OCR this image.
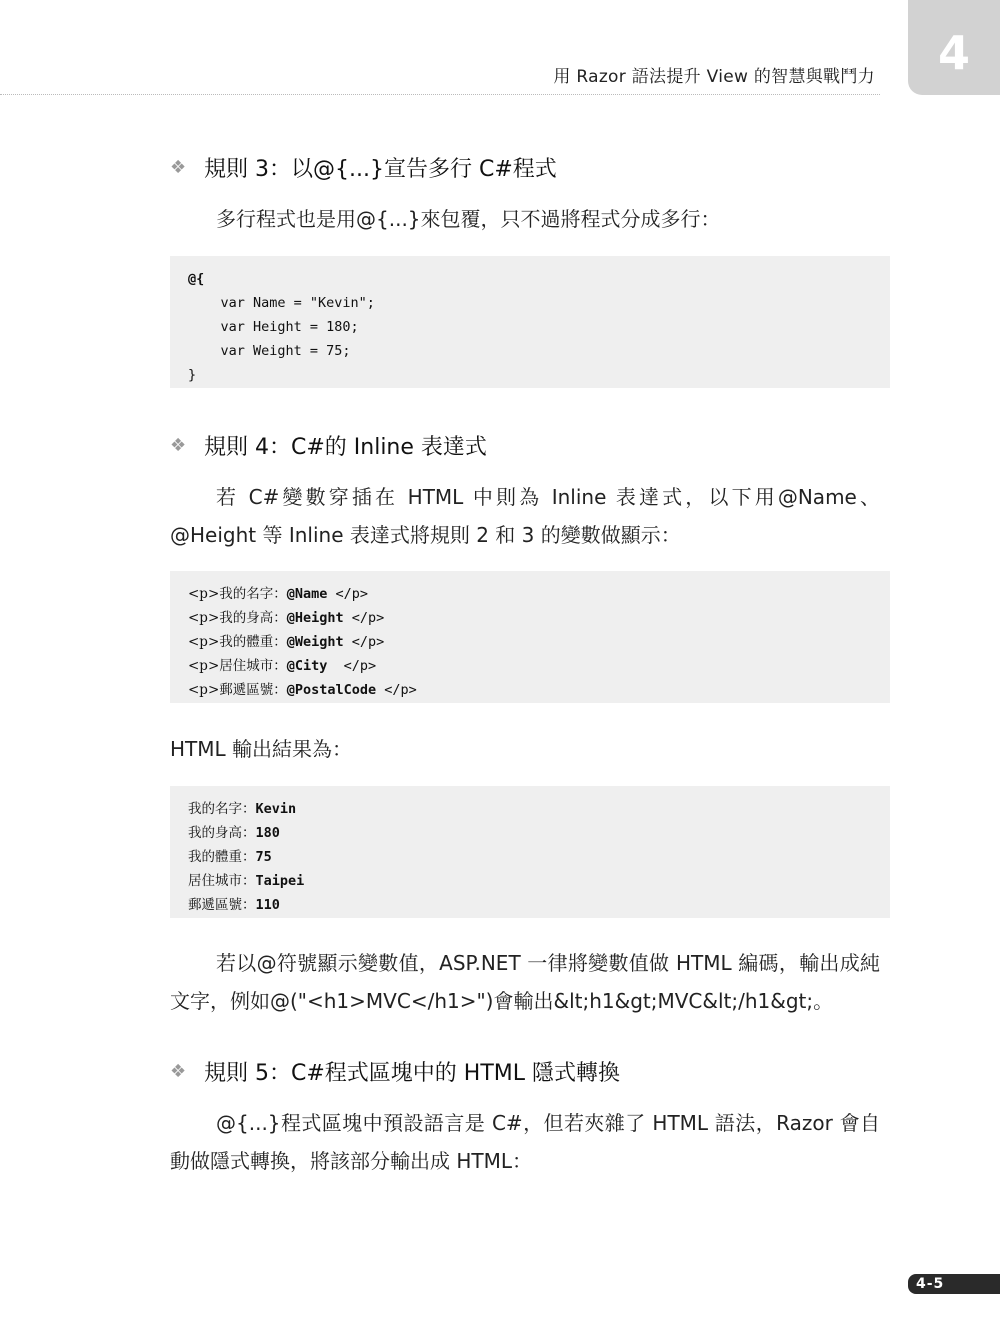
用 Razor 語法提升 View 的智慧與戰鬥力 4
❖ 規則 3：以@{...}宣告多行 C#程式
多行程式也是用@{...}來包覆，只不過將程式分成多行：
@{
var Name = "Kevin";
var Height = 180;
var Weight = 75;
}
❖ 規則 4：C#的 Inline 表達式
若 C#變數穿插在 HTML 中則為 Inline 表達式，以下用@Name、@Height 等 Inline 表達式將規則 2 和 3 的變數做顯示：
<p>我的名字：@Name </p>
<p>我的身高：@Height </p>
<p>我的體重：@Weight </p>
<p>居住城市：@City  </p>
<p>郵遞區號：@PostalCode </p>
HTML 輸出結果為：
我的名字：Kevin
我的身高：180
我的體重：75
居住城市：Taipei
郵遞區號：110
若以@符號顯示變數值，ASP.NET 一律將變數值做 HTML 編碼，輸出成純文字，例如@("<h1>MVC</h1>")會輸出&lt;h1&gt;MVC&lt;/h1&gt;。
❖ 規則 5：C#程式區塊中的 HTML 隱式轉換
@{...}程式區塊中預設語言是 C#，但若夾雜了 HTML 語法，Razor 會自動做隱式轉換，將該部分輸出成 HTML：
4-5
